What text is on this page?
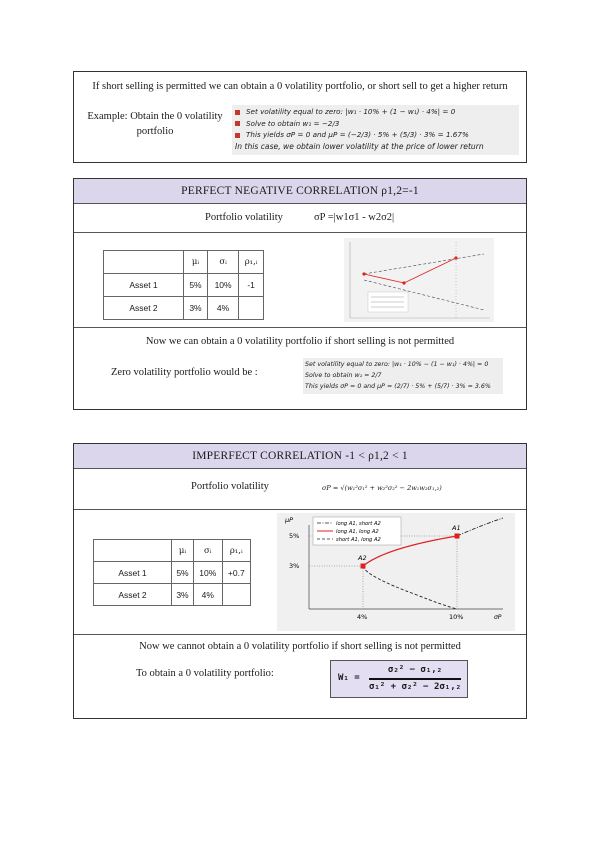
If short selling is permitted we can obtain a 0 volatility portfolio, or short sell to get a higher return
Example: Obtain the 0 volatility portfolio
Set volatility equal to zero: |w₁ · 10% + (1 − w₁) · 4%| = 0
Solve to obtain w₁ = −2/3
This yields σP = 0 and μP = (−2/3) · 5% + (5/3) · 3% = 1.67%
In this case, we obtain lower volatility at the price of lower return
PERFECT NEGATIVE CORRELATION ρ1,2=-1
Portfolio volatility	σP =|w1σ1 - w2σ2|
	μᵢ	σᵢ	ρ₁,ᵢ
Asset 1	5%	10%	-1
Asset 2	3%	4%	
Now we can obtain a 0 volatility portfolio if short selling is not permitted
Zero volatility portfolio would be :
Set volatility equal to zero: |w₁ · 10% − (1 − w₁) · 4%| = 0
Solve to obtain w₁ = 2/7
This yields σP = 0 and μP = (2/7) · 5% + (5/7) · 3% = 3.6%
IMPERFECT CORRELATION -1 < ρ1,2 < 1
Portfolio volatility	σP = √(w₁²σ₁² + w₂²σ₂² − 2w₁w₂σ₁,₂)
	μᵢ	σᵢ	ρ₁,ᵢ
Asset 1	5%	10%	+0.7
Asset 2	3%	4%	
μP
σP
5%
3%
4%	10%
A1
A2
long A1, short A2
long A1, long A2
short A1, long A2
Now we cannot obtain a 0 volatility portfolio if short selling is not permitted
To obtain a 0 volatility portfolio:	W₁ =
σ₂² − σ₁,₂
σ₁² + σ₂² − 2σ₁,₂
